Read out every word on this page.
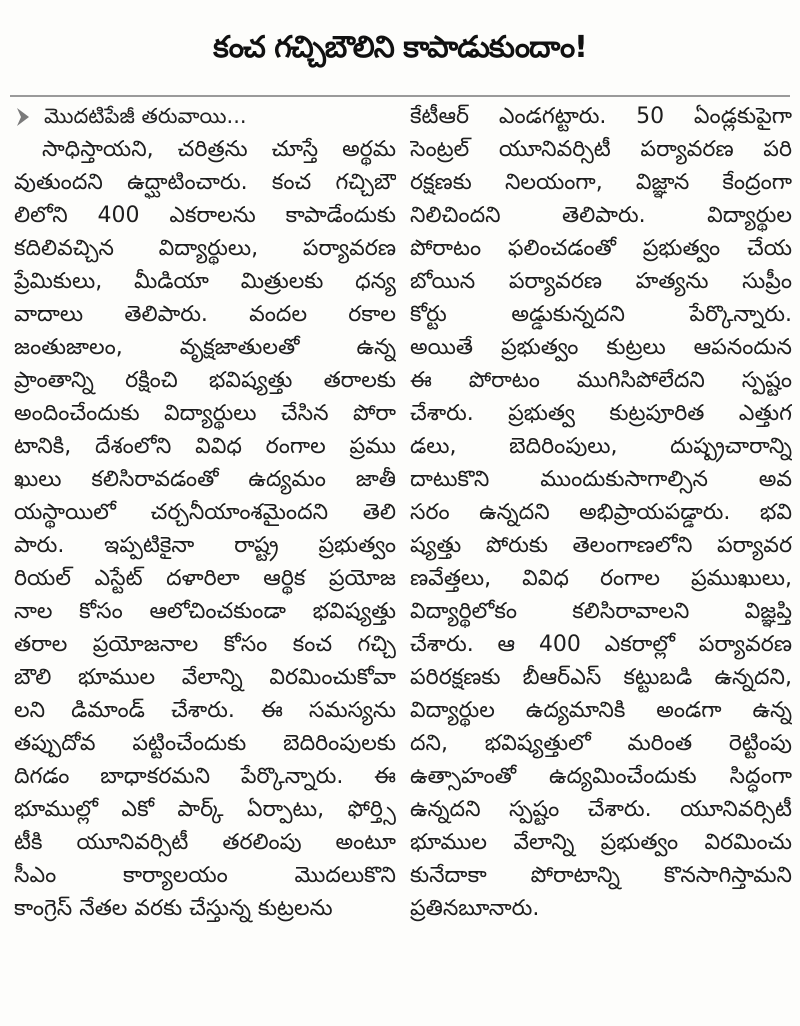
కంచ గచ్చిబౌలిని కాపాడుకుందాం!
మొదటిపేజీ తరువాయి...
సాధిస్తాయని, చరిత్రను చూస్తే అర్థమ
వుతుందని ఉద్ఘాటించారు. కంచ గచ్చిబౌ
లిలోని 400 ఎకరాలను కాపాడేందుకు
కదిలివచ్చిన విద్యార్థులు, పర్యావరణ
ప్రేమికులు, మీడియా మిత్రులకు ధన్య
వాదాలు తెలిపారు. వందల రకాల
జంతుజాలం, వృక్షజాతులతో ఉన్న
ప్రాంతాన్ని రక్షించి భవిష్యత్తు తరాలకు
అందించేందుకు విద్యార్థులు చేసిన పోరా
టానికి, దేశంలోని వివిధ రంగాల ప్రము
ఖులు కలిసిరావడంతో ఉద్యమం జాతీ
యస్థాయిలో చర్చనీయాంశమైందని తెలి
పారు. ఇప్పటికైనా రాష్ట్ర ప్రభుత్వం
రియల్ ఎస్టేట్ దళారిలా ఆర్థిక ప్రయోజ
నాల కోసం ఆలోచించకుండా భవిష్యత్తు
తరాల ప్రయోజనాల కోసం కంచ గచ్చి
బౌలి భూముల వేలాన్ని విరమించుకోవా
లని డిమాండ్ చేశారు. ఈ సమస్యను
తప్పుదోవ పట్టించేందుకు బెదిరింపులకు
దిగడం బాధాకరమని పేర్కొన్నారు. ఈ
భూముల్లో ఎకో పార్క్ ఏర్పాటు, ఫోర్త్సి
టీకి యూనివర్సిటీ తరలింపు అంటూ
సీఎం కార్యాలయం మొదలుకొని
కాంగ్రెస్ నేతల వరకు చేస్తున్న కుట్రలను
కేటీఆర్ ఎండగట్టారు. 50 ఏండ్లకుపైగా
సెంట్రల్ యూనివర్సిటీ పర్యావరణ పరి
రక్షణకు నిలయంగా, విజ్ఞాన కేంద్రంగా
నిలిచిందని తెలిపారు. విద్యార్థుల
పోరాటం ఫలించడంతో ప్రభుత్వం చేయ
బోయిన పర్యావరణ హత్యను సుప్రీం
కోర్టు అడ్డుకున్నదని పేర్కొన్నారు.
అయితే ప్రభుత్వం కుట్రలు ఆపనందున
ఈ పోరాటం ముగిసిపోలేదని స్పష్టం
చేశారు. ప్రభుత్వ కుట్రపూరిత ఎత్తుగ
డలు, బెదిరింపులు, దుష్ప్రచారాన్ని
దాటుకొని ముందుకుసాగాల్సిన అవ
సరం ఉన్నదని అభిప్రాయపడ్డారు. భవి
ష్యత్తు పోరుకు తెలంగాణలోని పర్యావర
ణవేత్తలు, వివిధ రంగాల ప్రముఖులు,
విద్యార్థిలోకం కలిసిరావాలని విజ్ఞప్తి
చేశారు. ఆ 400 ఎకరాల్లో పర్యావరణ
పరిరక్షణకు బీఆర్ఎస్ కట్టుబడి ఉన్నదని,
విద్యార్థుల ఉద్యమానికి అండగా ఉన్న
దని, భవిష్యత్తులో మరింత రెట్టింపు
ఉత్సాహంతో ఉద్యమించేందుకు సిద్ధంగా
ఉన్నదని స్పష్టం చేశారు. యూనివర్సిటీ
భూముల వేలాన్ని ప్రభుత్వం విరమించు
కునేదాకా పోరాటాన్ని కొనసాగిస్తామని
ప్రతినబూనారు.
